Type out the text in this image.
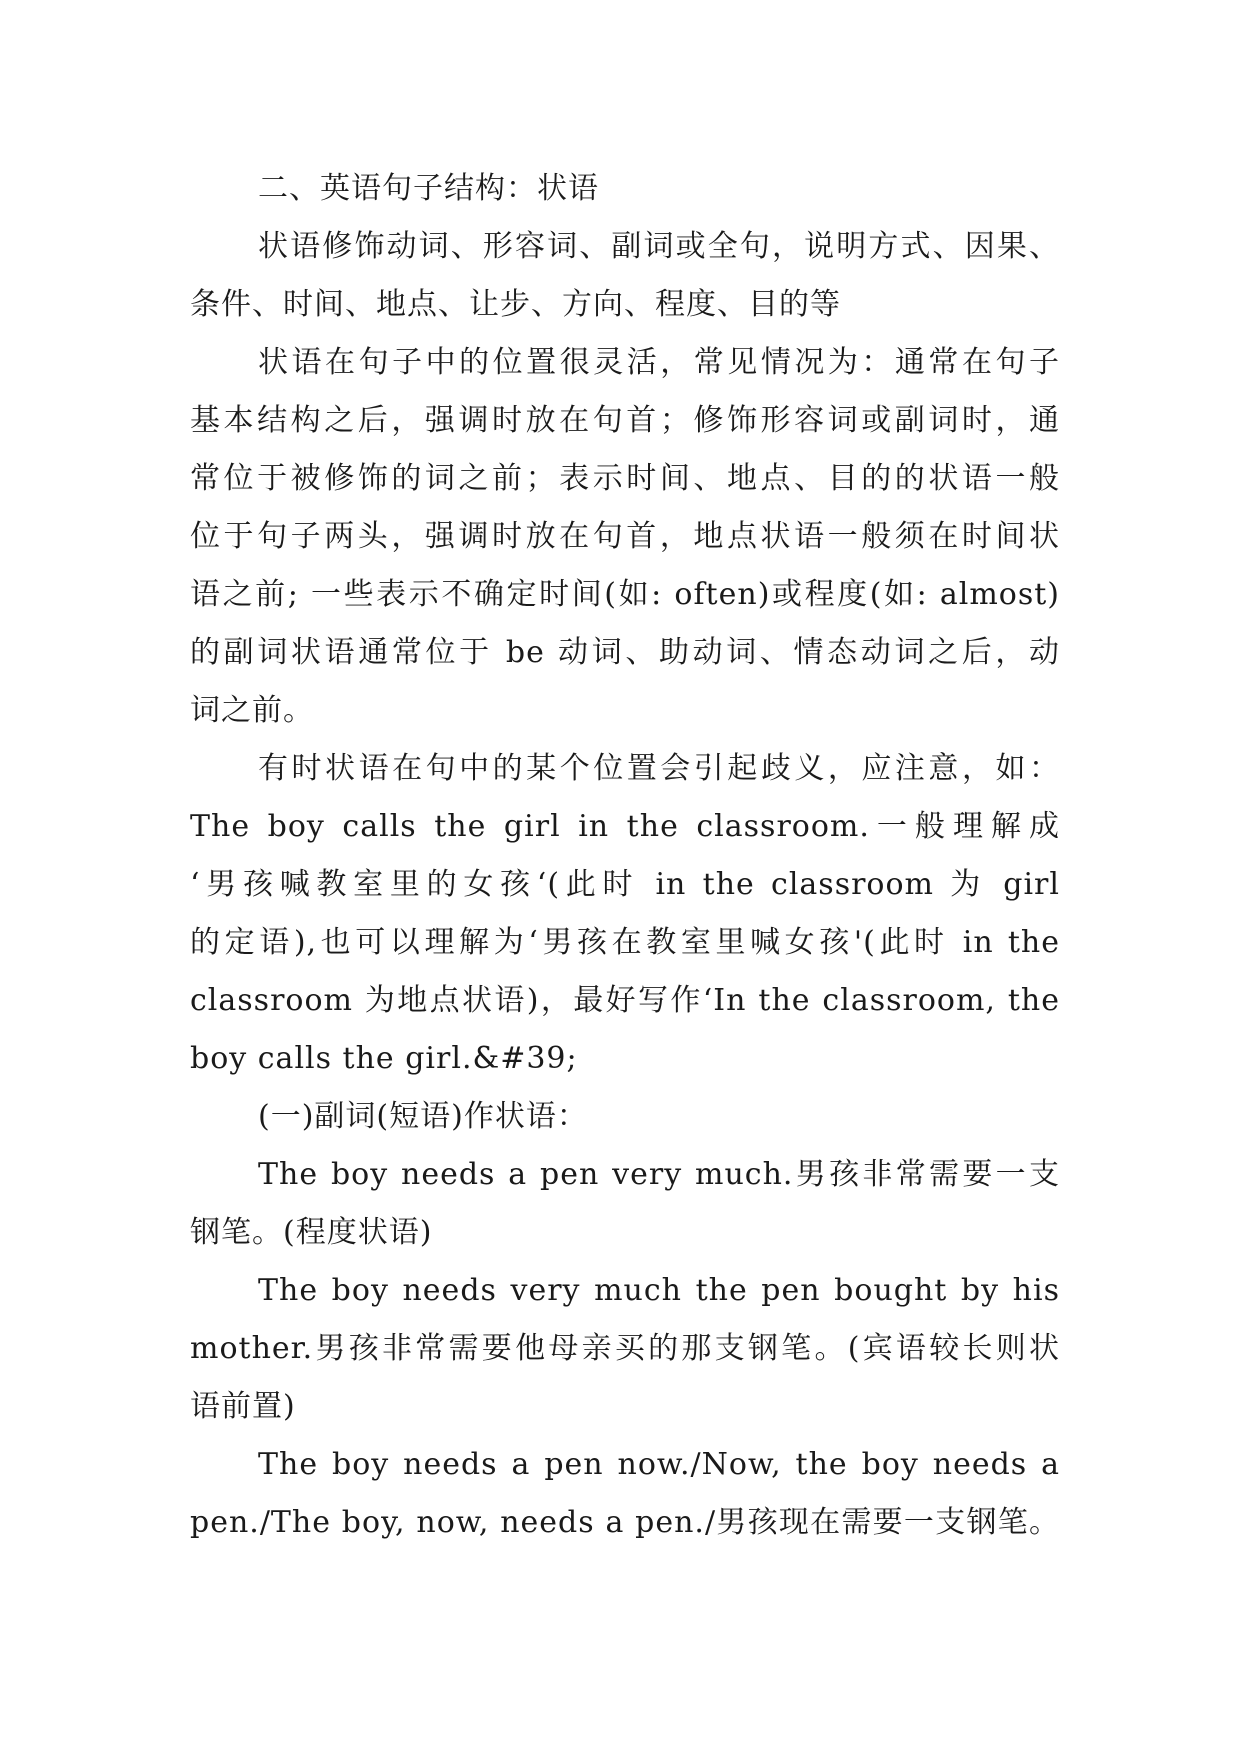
二、英语句子结构：状语
状语修饰动词、形容词、副词或全句，说明方式、因果、
条件、时间、地点、让步、方向、程度、目的等
状语在句子中的位置很灵活，常见情况为：通常在句子
基本结构之后，强调时放在句首；修饰形容词或副词时，通
常位于被修饰的词之前；表示时间、地点、目的的状语一般
位于句子两头，强调时放在句首，地点状语一般须在时间状
语之前; 一些表示不确定时间(如: often)或程度(如: almost)
的副词状语通常位于 be 动词、助动词、情态动词之后，动
词之前。
有时状语在句中的某个位置会引起歧义，应注意，如：
The boy calls the girl in the classroom.一般理解成
‘男孩喊教室里的女孩‘(此时 in the classroom 为 girl
的定语),也可以理解为‘男孩在教室里喊女孩'(此时 in the
classroom 为地点状语)，最好写作‘In the classroom, the
boy calls the girl.&#39;
(一)副词(短语)作状语：
The boy needs a pen very much.男孩非常需要一支
钢笔。(程度状语)
The boy needs very much the pen bought by his
mother.男孩非常需要他母亲买的那支钢笔。(宾语较长则状
语前置)
The boy needs a pen now./Now, the boy needs a
pen./The boy, now, needs a pen./男孩现在需要一支钢笔。
